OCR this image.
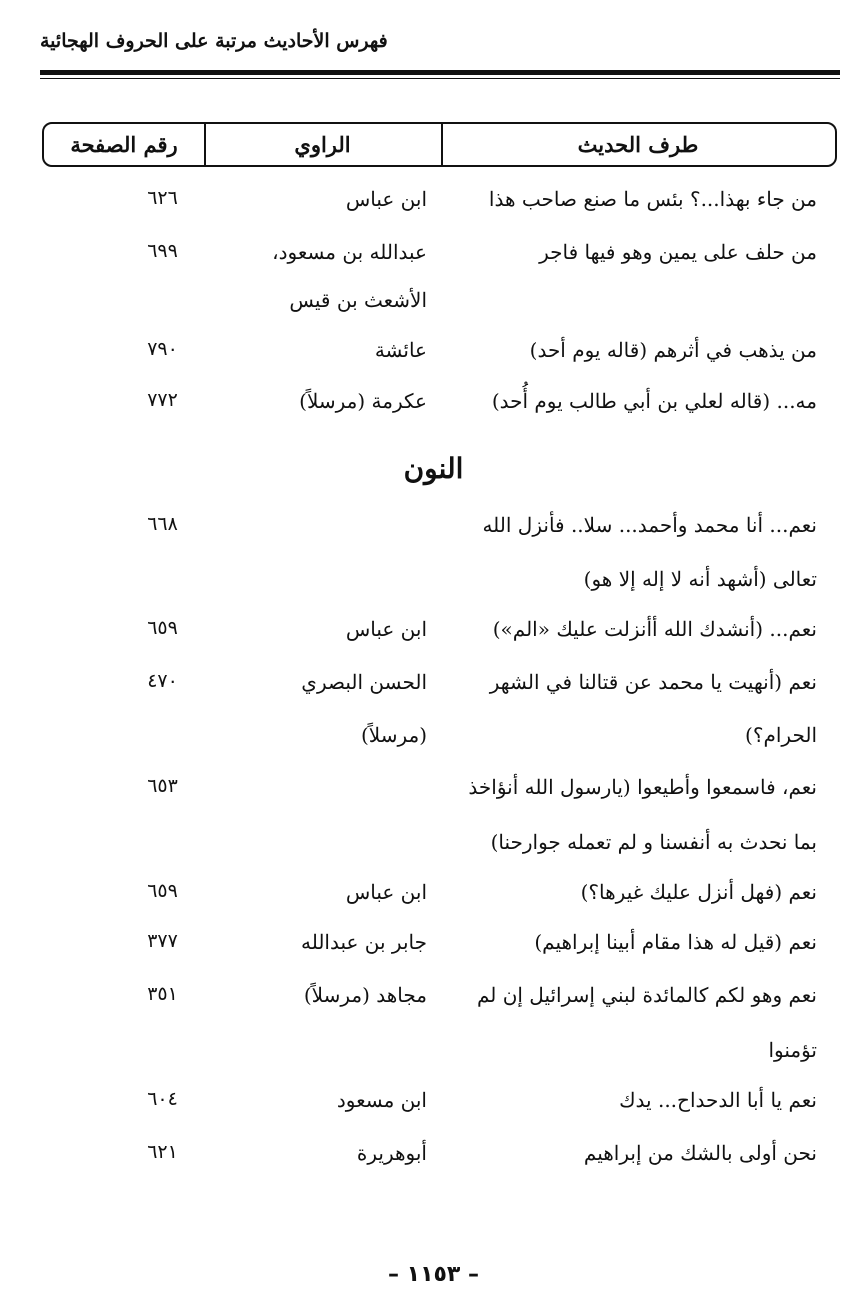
فهرس الأحاديث مرتبة على الحروف الهجائية
رقم الصفحة	الراوي	طرف الحديث
من جاء بهذا...؟ بئس ما صنع صاحب هذا
ابن عباس
٦٢٦
من حلف على يمين وهو فيها فاجر
عبدالله بن مسعود،
٦٩٩
الأشعث بن قيس
من يذهب في أثرهم (قاله يوم أحد)
عائشة
٧٩٠
مه... (قاله لعلي بن أبي طالب يوم أُحد)
عكرمة (مرسلاً)
٧٧٢
النون
نعم... أنا محمد وأحمد... سلا.. فأنزل الله
٦٦٨
تعالى (أشهد أنه لا إله إلا هو)
نعم... (أنشدك الله أأنزلت عليك «الم»)
ابن عباس
٦٥٩
نعم (أنهيت يا محمد عن قتالنا في الشهر
الحسن البصري
٤٧٠
الحرام؟)
(مرسلاً)
نعم، فاسمعوا وأطيعوا (يارسول الله أنؤاخذ
٦٥٣
بما نحدث به أنفسنا و لم تعمله جوارحنا)
نعم (فهل أنزل عليك غيرها؟)
ابن عباس
٦٥٩
نعم (قيل له هذا مقام أبينا إبراهيم)
جابر بن عبدالله
٣٧٧
نعم وهو لكم كالمائدة لبني إسرائيل إن لم
مجاهد (مرسلاً)
٣٥١
تؤمنوا
نعم يا أبا الدحداح... يدك
ابن مسعود
٦٠٤
نحن أولى بالشك من إبراهيم
أبوهريرة
٦٢١
– ١١٥٣ –
